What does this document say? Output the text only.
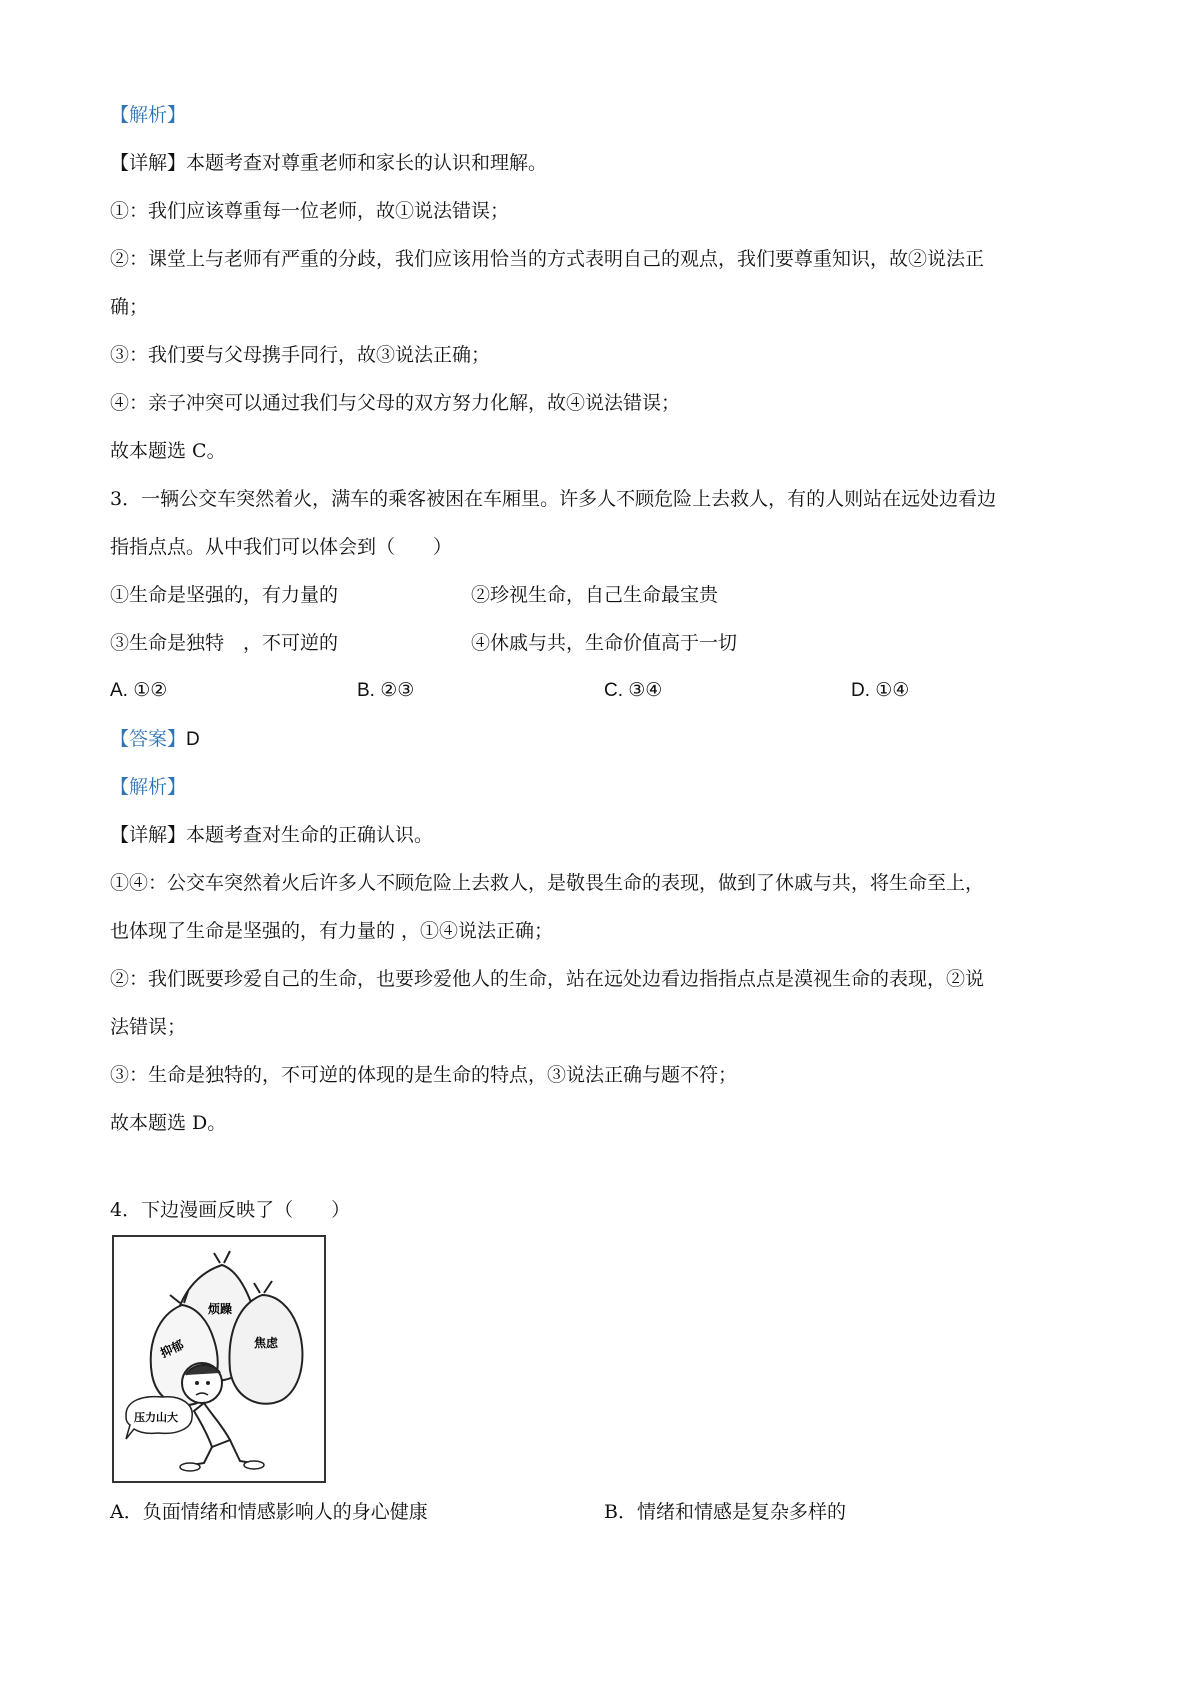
【解析】
【详解】本题考查对尊重老师和家长的认识和理解。
①：我们应该尊重每一位老师，故①说法错误；
②：课堂上与老师有严重的分歧，我们应该用恰当的方式表明自己的观点，我们要尊重知识，故②说法正
确；
③：我们要与父母携手同行，故③说法正确；
④：亲子冲突可以通过我们与父母的双方努力化解，故④说法错误；
故本题选 C。
3．一辆公交车突然着火，满车的乘客被困在车厢里。许多人不顾危险上去救人，有的人则站在远处边看边
指指点点。从中我们可以体会到（　　）
①生命是坚强的，有力量的	②珍视生命，自己生命最宝贵
③生命是独特　，不可逆的	④休戚与共，生命价值高于一切
A. ①②	B. ②③	C. ③④	D. ①④
【答案】D
【解析】
【详解】本题考查对生命的正确认识。
①④：公交车突然着火后许多人不顾危险上去救人，是敬畏生命的表现，做到了休戚与共，将生命至上，
也体现了生命是坚强的，有力量的 ，①④说法正确；
②：我们既要珍爱自己的生命，也要珍爱他人的生命，站在远处边看边指指点点是漠视生命的表现，②说
法错误；
③：生命是独特的，不可逆的体现的是生命的特点，③说法正确与题不符；
故本题选 D。
4．下边漫画反映了（　　）
烦躁
抑郁	焦虑
压力山大
A．负面情绪和情感影响人的身心健康	B．情绪和情感是复杂多样的
